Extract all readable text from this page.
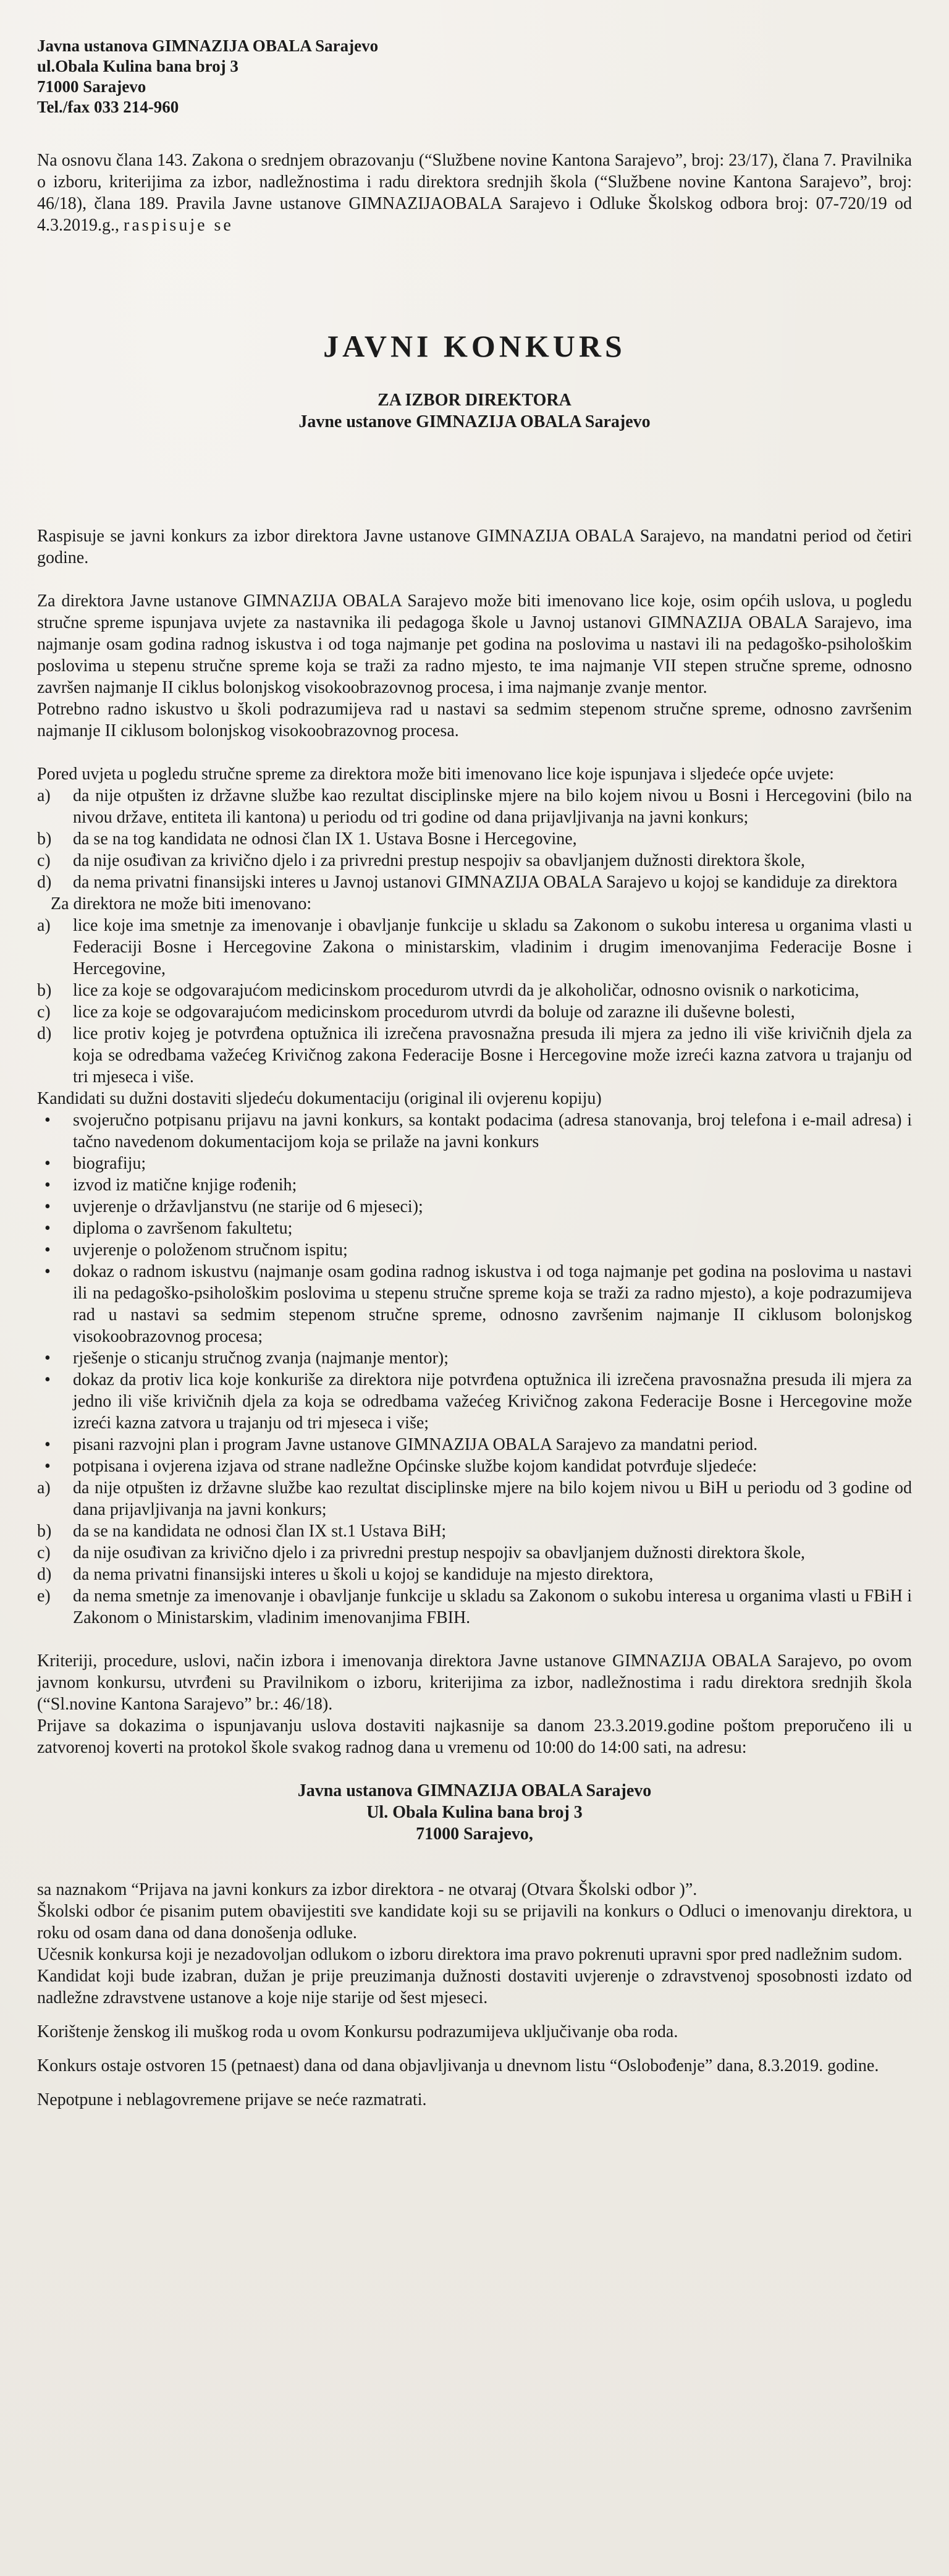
Javna ustanova GIMNAZIJA OBALA Sarajevo
ul.Obala Kulina bana broj 3
71000 Sarajevo
Tel./fax 033 214-960

Na osnovu člana 143. Zakona o srednjem obrazovanju (“Službene novine Kantona Sarajevo”, broj: 23/17), člana 7. Pravilnika o izboru, kriterijima za izbor, nadležnostima i radu direktora srednjih škola (“Službene novine Kantona Sarajevo”, broj: 46/18), člana 189. Pravila Javne ustanove GIMNAZIJAOBALA Sarajevo i Odluke Školskog odbora broj: 07-720/19 od 4.3.2019.g., raspisuje se

JAVNI KONKURS
ZA IZBOR DIREKTORA
Javne ustanove GIMNAZIJA OBALA Sarajevo

Raspisuje se javni konkurs za izbor direktora Javne ustanove GIMNAZIJA OBALA Sarajevo, na mandatni period od četiri godine.

Za direktora Javne ustanove GIMNAZIJA OBALA Sarajevo može biti imenovano lice koje, osim općih uslova, u pogledu stručne spreme ispunjava uvjete za nastavnika ili pedagoga škole u Javnoj ustanovi GIMNAZIJA OBALA Sarajevo, ima najmanje osam godina radnog iskustva i od toga najmanje pet godina na poslovima u nastavi ili na pedagoško-psihološkim poslovima u stepenu stručne spreme koja se traži za radno mjesto, te ima najmanje VII stepen stručne spreme, odnosno završen najmanje II ciklus bolonjskog visokoobrazovnog procesa, i ima najmanje zvanje mentor.

Potrebno radno iskustvo u školi podrazumijeva rad u nastavi sa sedmim stepenom stručne spreme, odnosno završenim najmanje II ciklusom bolonjskog visokoobrazovnog procesa.

Pored uvjeta u pogledu stručne spreme za direktora može biti imenovano lice koje ispunjava i sljedeće opće uvjete:

a) da nije otpušten iz državne službe kao rezultat disciplinske mjere na bilo kojem nivou u Bosni i Hercegovini (bilo na nivou države, entiteta ili kantona) u periodu od tri godine od dana prijavljivanja na javni konkurs;
b) da se na tog kandidata ne odnosi član IX 1. Ustava Bosne i Hercegovine,
c) da nije osuđivan za krivično djelo i za privredni prestup nespojiv sa obavljanjem dužnosti direktora škole,
d) da nema privatni finansijski interes u Javnoj ustanovi GIMNAZIJA OBALA Sarajevo u kojoj se kandiduje za direktora

Za direktora ne može biti imenovano:

a) lice koje ima smetnje za imenovanje i obavljanje funkcije u skladu sa Zakonom o sukobu interesa u organima vlasti u Federaciji Bosne i Hercegovine Zakona o ministarskim, vladinim i drugim imenovanjima Federacije Bosne i Hercegovine,
b) lice za koje se odgovarajućom medicinskom procedurom utvrdi da je alkoholičar, odnosno ovisnik o narkoticima,
c) lice za koje se odgovarajućom medicinskom procedurom utvrdi da boluje od zarazne ili duševne bolesti,
d) lice protiv kojeg je potvrđena optužnica ili izrečena pravosnažna presuda ili mjera za jedno ili više krivičnih djela za koja se odredbama važećeg Krivičnog zakona Federacije Bosne i Hercegovine može izreći kazna zatvora u trajanju od tri mjeseca i više.

Kandidati su dužni dostaviti sljedeću dokumentaciju (original ili ovjerenu kopiju)

• svojeručno potpisanu prijavu na javni konkurs, sa kontakt podacima (adresa stanovanja, broj telefona i e-mail adresa) i tačno navedenom dokumentacijom koja se prilaže na javni konkurs
• biografiju;
• izvod iz matične knjige rođenih;
• uvjerenje o državljanstvu (ne starije od 6 mjeseci);
• diploma o završenom fakultetu;
• uvjerenje o položenom stručnom ispitu;
• dokaz o radnom iskustvu (najmanje osam godina radnog iskustva i od toga najmanje pet godina na poslovima u nastavi ili na pedagoško-psihološkim poslovima u stepenu stručne spreme koja se traži za radno mjesto), a koje podrazumijeva rad u nastavi sa sedmim stepenom stručne spreme, odnosno završenim najmanje II ciklusom bolonjskog visokoobrazovnog procesa;
• rješenje o sticanju stručnog zvanja (najmanje mentor);
• dokaz da protiv lica koje konkuriše za direktora nije potvrđena optužnica ili izrečena pravosnažna presuda ili mjera za jedno ili više krivičnih djela za koja se odredbama važećeg Krivičnog zakona Federacije Bosne i Hercegovine može izreći kazna zatvora u trajanju od tri mjeseca i više;
• pisani razvojni plan i program Javne ustanove GIMNAZIJA OBALA Sarajevo za mandatni period.
• potpisana i ovjerena izjava od strane nadležne Općinske službe kojom kandidat potvrđuje sljedeće:
a) da nije otpušten iz državne službe kao rezultat disciplinske mjere na bilo kojem nivou u BiH u periodu od 3 godine od dana prijavljivanja na javni konkurs;
b) da se na kandidata ne odnosi član IX st.1 Ustava BiH;
c) da nije osuđivan za krivično djelo i za privredni prestup nespojiv sa obavljanjem dužnosti direktora škole,
d) da nema privatni finansijski interes u školi u kojoj se kandiduje na mjesto direktora,
e) da nema smetnje za imenovanje i obavljanje funkcije u skladu sa Zakonom o sukobu interesa u organima vlasti u FBiH i Zakonom o Ministarskim, vladinim imenovanjima FBIH.

Kriteriji, procedure, uslovi, način izbora i imenovanja direktora Javne ustanove GIMNAZIJA OBALA Sarajevo, po ovom javnom konkursu, utvrđeni su Pravilnikom o izboru, kriterijima za izbor, nadležnostima i radu direktora srednjih škola (“Sl.novine Kantona Sarajevo” br.: 46/18).

Prijave sa dokazima o ispunjavanju uslova dostaviti najkasnije sa danom 23.3.2019.godine poštom preporučeno ili u zatvorenoj koverti na protokol škole svakog radnog dana u vremenu od 10:00 do 14:00 sati, na adresu:

Javna ustanova GIMNAZIJA OBALA Sarajevo
Ul. Obala Kulina bana broj 3
71000 Sarajevo,

sa naznakom “Prijava na javni konkurs za izbor direktora - ne otvaraj (Otvara Školski odbor )”.

Školski odbor će pisanim putem obavijestiti sve kandidate koji su se prijavili na konkurs o Odluci o imenovanju direktora, u roku od osam dana od dana donošenja odluke.

Učesnik konkursa koji je nezadovoljan odlukom o izboru direktora ima pravo pokrenuti upravni spor pred nadležnim sudom.

Kandidat koji bude izabran, dužan je prije preuzimanja dužnosti dostaviti uvjerenje o zdravstvenoj sposobnosti izdato od nadležne zdravstvene ustanove a koje nije starije od šest mjeseci.

Korištenje ženskog ili muškog roda u ovom Konkursu podrazumijeva uključivanje oba roda.

Konkurs ostaje ostvoren 15 (petnaest) dana od dana objavljivanja u dnevnom listu “Oslobođenje” dana, 8.3.2019. godine.

Nepotpune i neblagovremene prijave se neće razmatrati.
